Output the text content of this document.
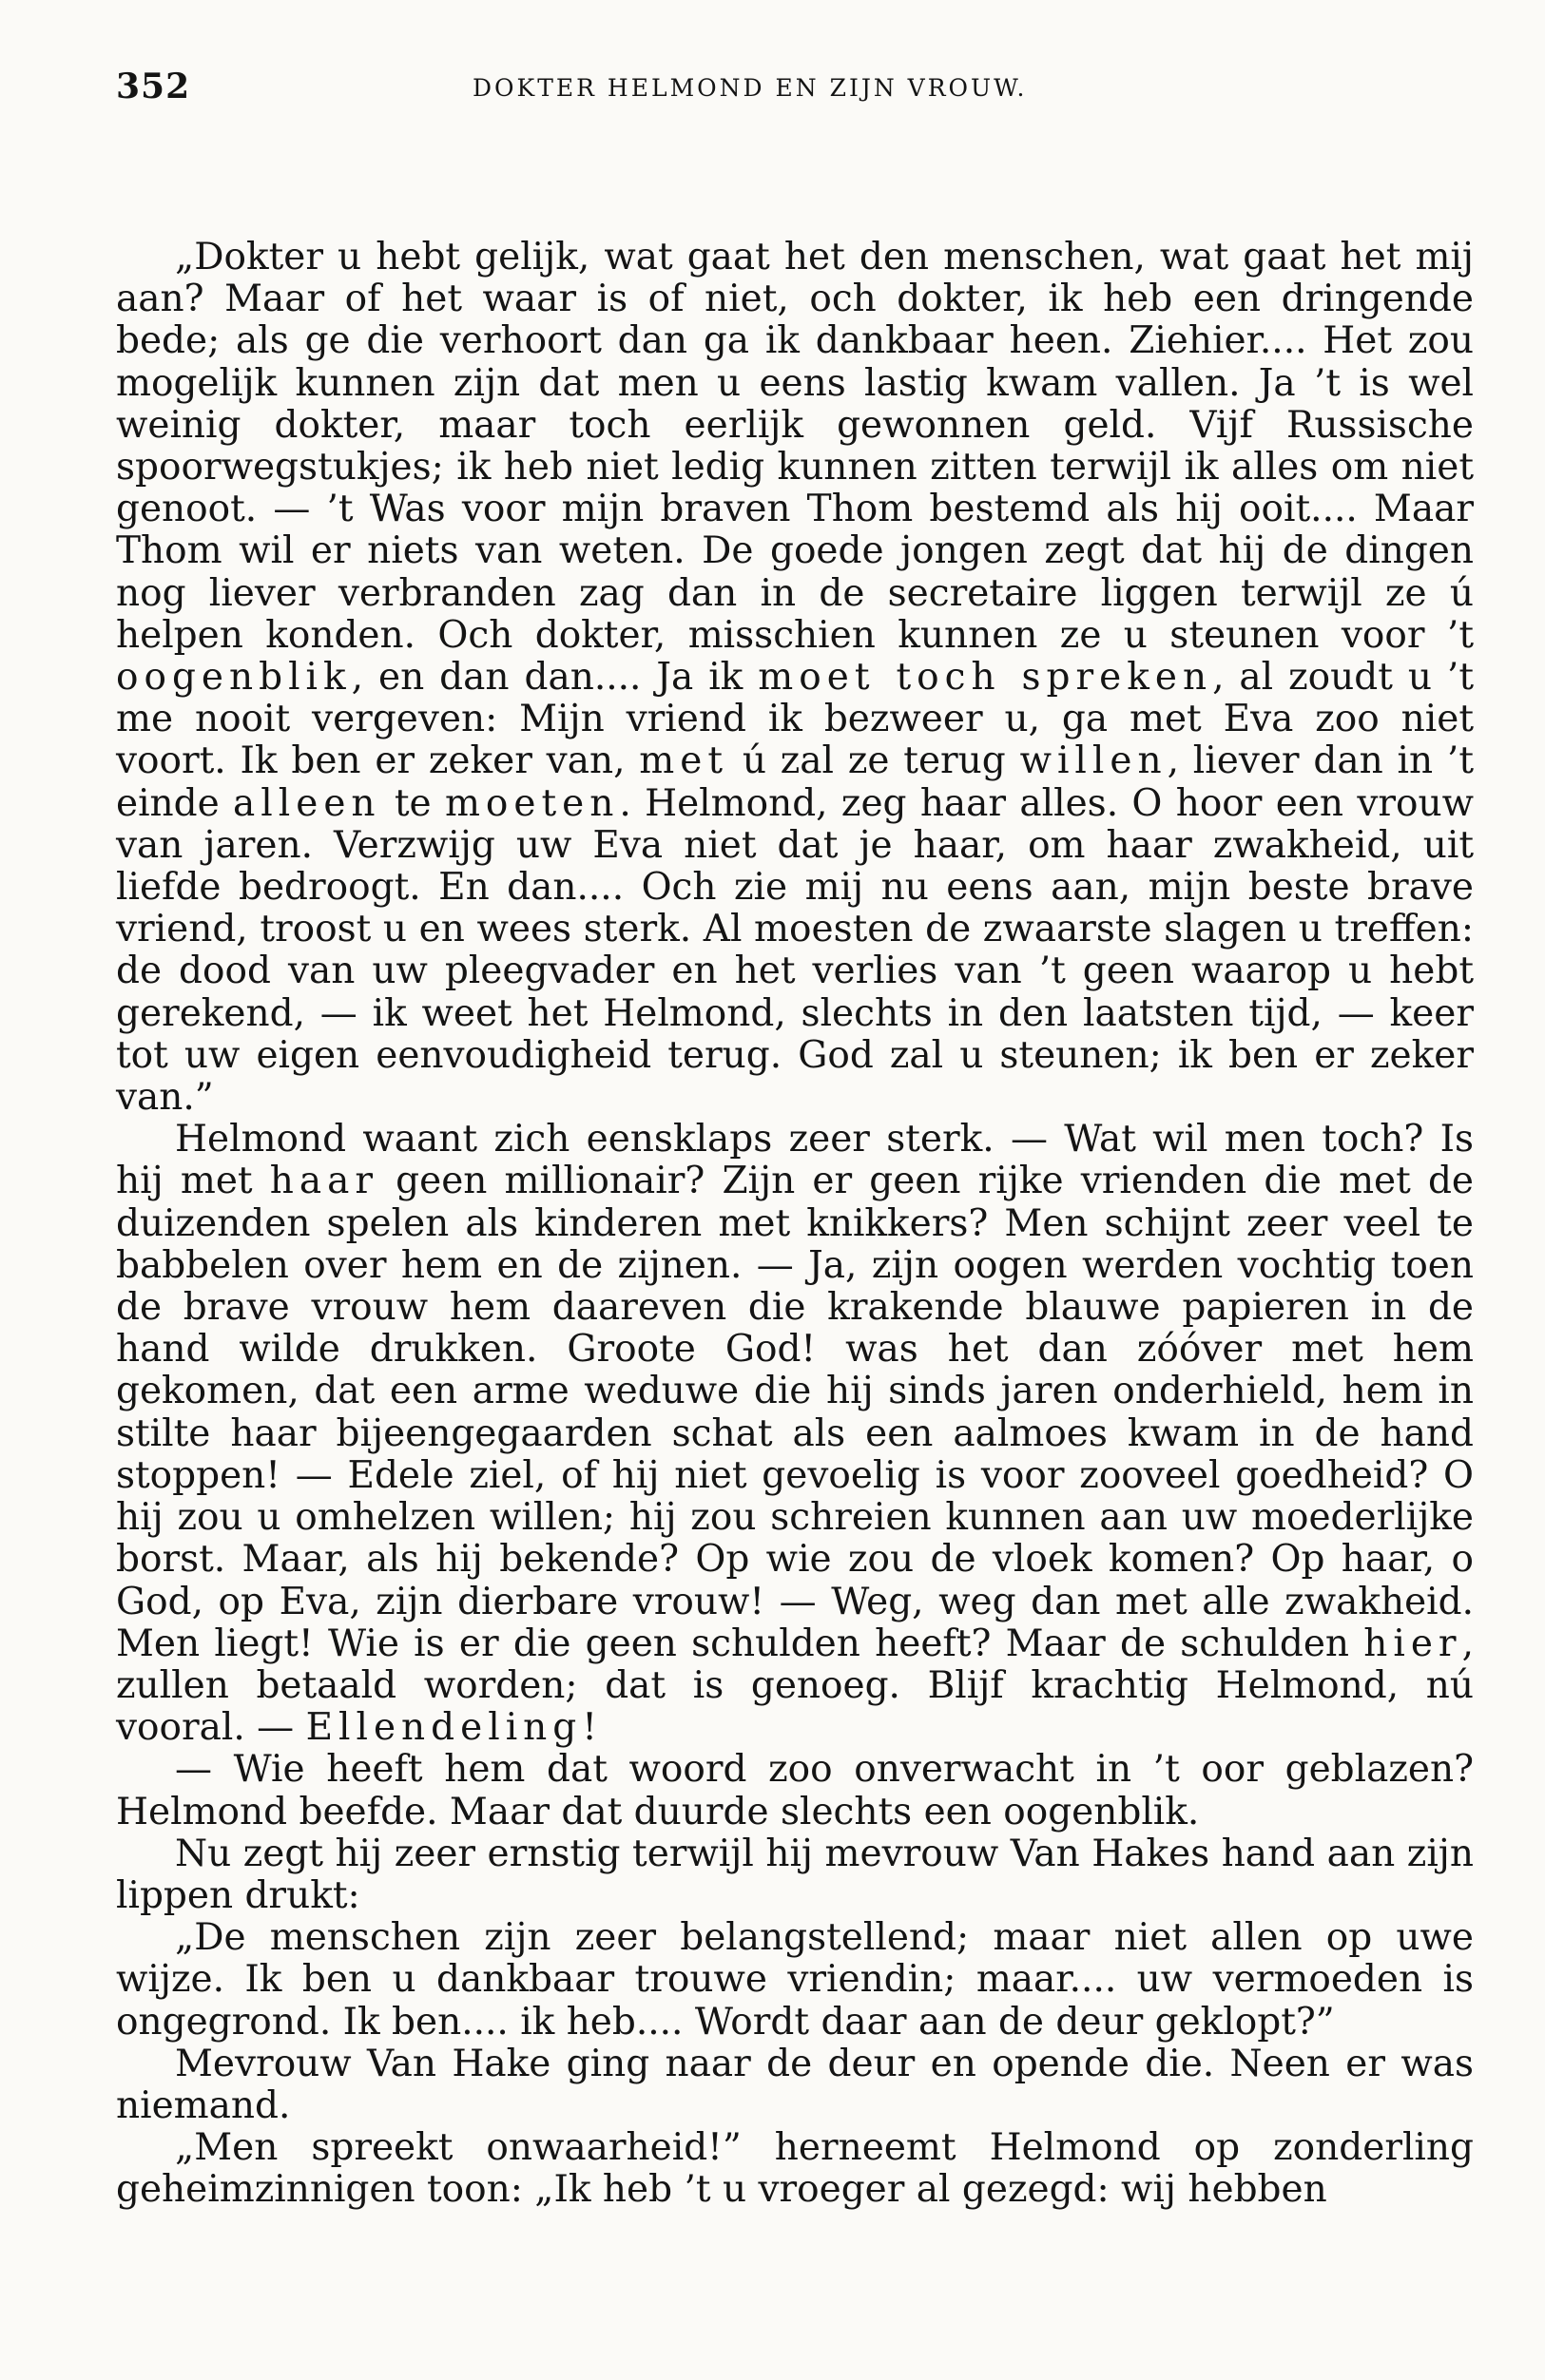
352	DOKTER HELMOND EN ZIJN VROUW.

„Dokter u hebt gelijk, wat gaat het den menschen, wat gaat het mij aan? Maar of het waar is of niet, och dokter, ik heb een dringende bede; als ge die verhoort dan ga ik dankbaar heen. Ziehier.... Het zou mogelijk kunnen zijn dat men u eens lastig kwam vallen. Ja ’t is wel weinig dokter, maar toch eerlijk gewonnen geld. Vijf Russische spoorwegstukjes; ik heb niet ledig kunnen zitten terwijl ik alles om niet genoot. — ’t Was voor mijn braven Thom bestemd als hij ooit.... Maar Thom wil er niets van weten. De goede jongen zegt dat hij de dingen nog liever verbranden zag dan in de secretaire liggen terwijl ze ú helpen konden. Och dokter, misschien kunnen ze u steunen voor ’t oogenblik, en dan dan.... Ja ik moet toch spreken, al zoudt u ’t me nooit vergeven: Mijn vriend ik bezweer u, ga met Eva zoo niet voort. Ik ben er zeker van, met ú zal ze terug willen, liever dan in ’t einde alleen te moeten. Helmond, zeg haar alles. O hoor een vrouw van jaren. Verzwijg uw Eva niet dat je haar, om haar zwakheid, uit liefde bedroogt. En dan.... Och zie mij nu eens aan, mijn beste brave vriend, troost u en wees sterk. Al moesten de zwaarste slagen u treffen: de dood van uw pleegvader en het verlies van ’t geen waarop u hebt gerekend, — ik weet het Helmond, slechts in den laatsten tijd, — keer tot uw eigen eenvoudigheid terug. God zal u steunen; ik ben er zeker van.”

Helmond waant zich eensklaps zeer sterk. — Wat wil men toch? Is hij met haar geen millionair? Zijn er geen rijke vrienden die met de duizenden spelen als kinderen met knikkers? Men schijnt zeer veel te babbelen over hem en de zijnen. — Ja, zijn oogen werden vochtig toen de brave vrouw hem daareven die krakende blauwe papieren in de hand wilde drukken. Groote God! was het dan zóóver met hem gekomen, dat een arme weduwe die hij sinds jaren onderhield, hem in stilte haar bijeengegaarden schat als een aalmoes kwam in de hand stoppen! — Edele ziel, of hij niet gevoelig is voor zooveel goedheid? O hij zou u omhelzen willen; hij zou schreien kunnen aan uw moederlijke borst. Maar, als hij bekende? Op wie zou de vloek komen? Op haar, o God, op Eva, zijn dierbare vrouw! — Weg, weg dan met alle zwakheid. Men liegt! Wie is er die geen schulden heeft? Maar de schulden hier, zullen betaald worden; dat is genoeg. Blijf krachtig Helmond, nú vooral. — Ellendeling!

— Wie heeft hem dat woord zoo onverwacht in ’t oor geblazen? Helmond beefde. Maar dat duurde slechts een oogenblik.

Nu zegt hij zeer ernstig terwijl hij mevrouw Van Hakes hand aan zijn lippen drukt:

„De menschen zijn zeer belangstellend; maar niet allen op uwe wijze. Ik ben u dankbaar trouwe vriendin; maar.... uw vermoeden is ongegrond. Ik ben.... ik heb.... Wordt daar aan de deur geklopt?”

Mevrouw Van Hake ging naar de deur en opende die. Neen er was niemand.

„Men spreekt onwaarheid!” herneemt Helmond op zonderling geheimzinnigen toon: „Ik heb ’t u vroeger al gezegd: wij hebben
